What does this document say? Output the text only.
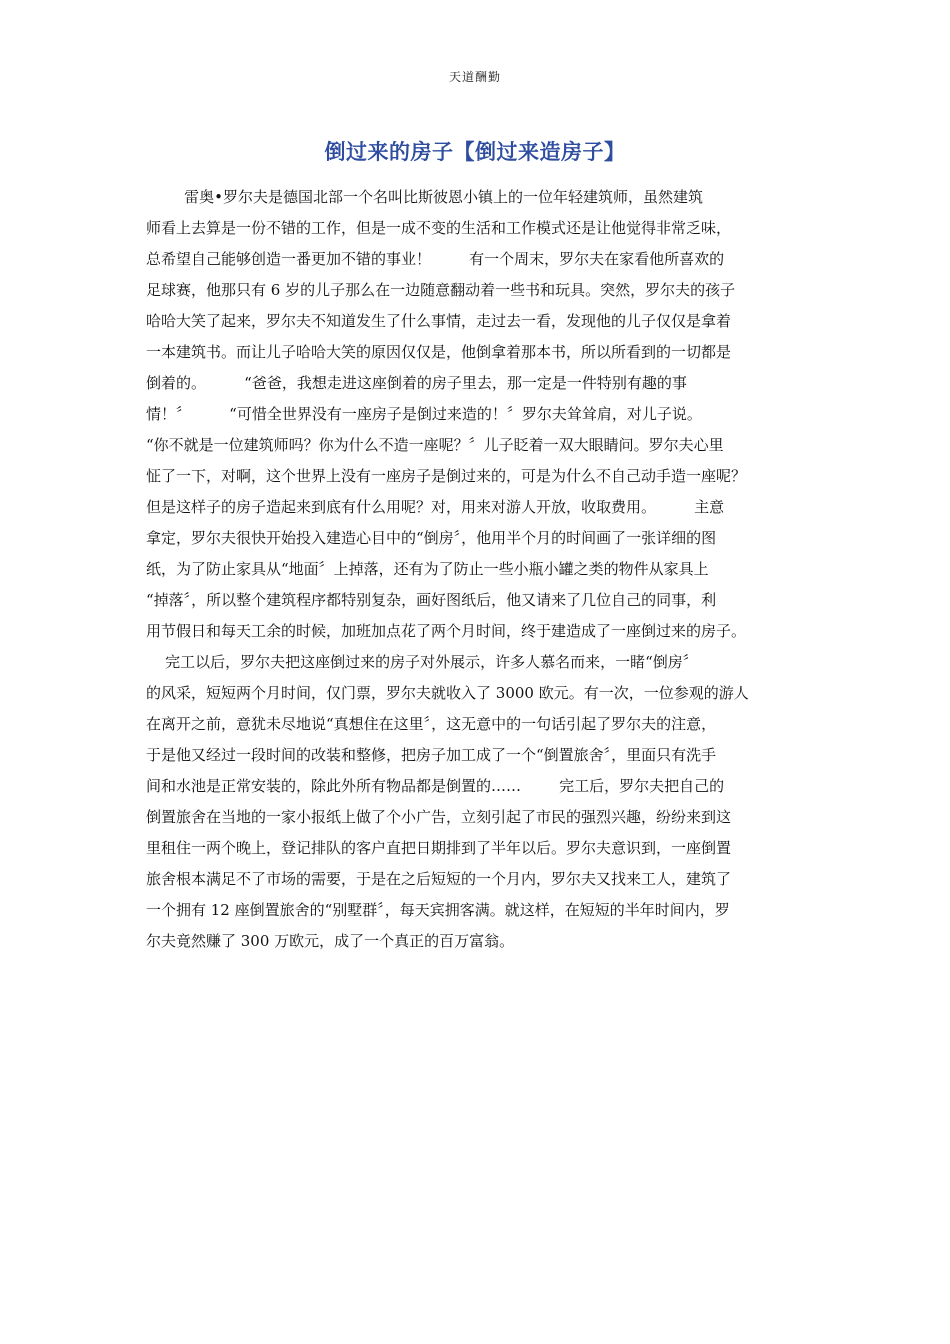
天道酬勤
倒过来的房子【倒过来造房子】
雷奥•罗尔夫是德国北部一个名叫比斯彼恩小镇上的一位年轻建筑师，虽然建筑
师看上去算是一份不错的工作，但是一成不变的生活和工作模式还是让他觉得非常乏味，
总希望自己能够创造一番更加不错的事业！        有一个周末，罗尔夫在家看他所喜欢的
足球赛，他那只有 6 岁的儿子那么在一边随意翻动着一些书和玩具。突然，罗尔夫的孩子
哈哈大笑了起来，罗尔夫不知道发生了什么事情，走过去一看，发现他的儿子仅仅是拿着
一本建筑书。而让儿子哈哈大笑的原因仅仅是，他倒拿着那本书，所以所看到的一切都是
倒着的。        “爸爸，我想走进这座倒着的房子里去，那一定是一件特别有趣的事
情！〞        “可惜全世界没有一座房子是倒过来造的！〞罗尔夫耸耸肩，对儿子说。
“你不就是一位建筑师吗？你为什么不造一座呢？〞儿子眨着一双大眼睛问。罗尔夫心里
怔了一下，对啊，这个世界上没有一座房子是倒过来的，可是为什么不自己动手造一座呢？
但是这样子的房子造起来到底有什么用呢？对，用来对游人开放，收取费用。        主意
拿定，罗尔夫很快开始投入建造心目中的“倒房〞，他用半个月的时间画了一张详细的图
纸，为了防止家具从“地面〞上掉落，还有为了防止一些小瓶小罐之类的物件从家具上
“掉落〞，所以整个建筑程序都特别复杂，画好图纸后，他又请来了几位自己的同事，利
用节假日和每天工余的时候，加班加点花了两个月时间，终于建造成了一座倒过来的房子。
完工以后，罗尔夫把这座倒过来的房子对外展示，许多人慕名而来，一睹“倒房〞
的风采，短短两个月时间，仅门票，罗尔夫就收入了 3000 欧元。有一次，一位参观的游人
在离开之前，意犹未尽地说“真想住在这里〞，这无意中的一句话引起了罗尔夫的注意，
于是他又经过一段时间的改装和整修，把房子加工成了一个“倒置旅舍〞，里面只有洗手
间和水池是正常安装的，除此外所有物品都是倒置的……        完工后，罗尔夫把自己的
倒置旅舍在当地的一家小报纸上做了个小广告，立刻引起了市民的强烈兴趣，纷纷来到这
里租住一两个晚上，登记排队的客户直把日期排到了半年以后。罗尔夫意识到，一座倒置
旅舍根本满足不了市场的需要，于是在之后短短的一个月内，罗尔夫又找来工人，建筑了
一个拥有 12 座倒置旅舍的“别墅群〞，每天宾拥客满。就这样，在短短的半年时间内，罗
尔夫竟然赚了 300 万欧元，成了一个真正的百万富翁。
